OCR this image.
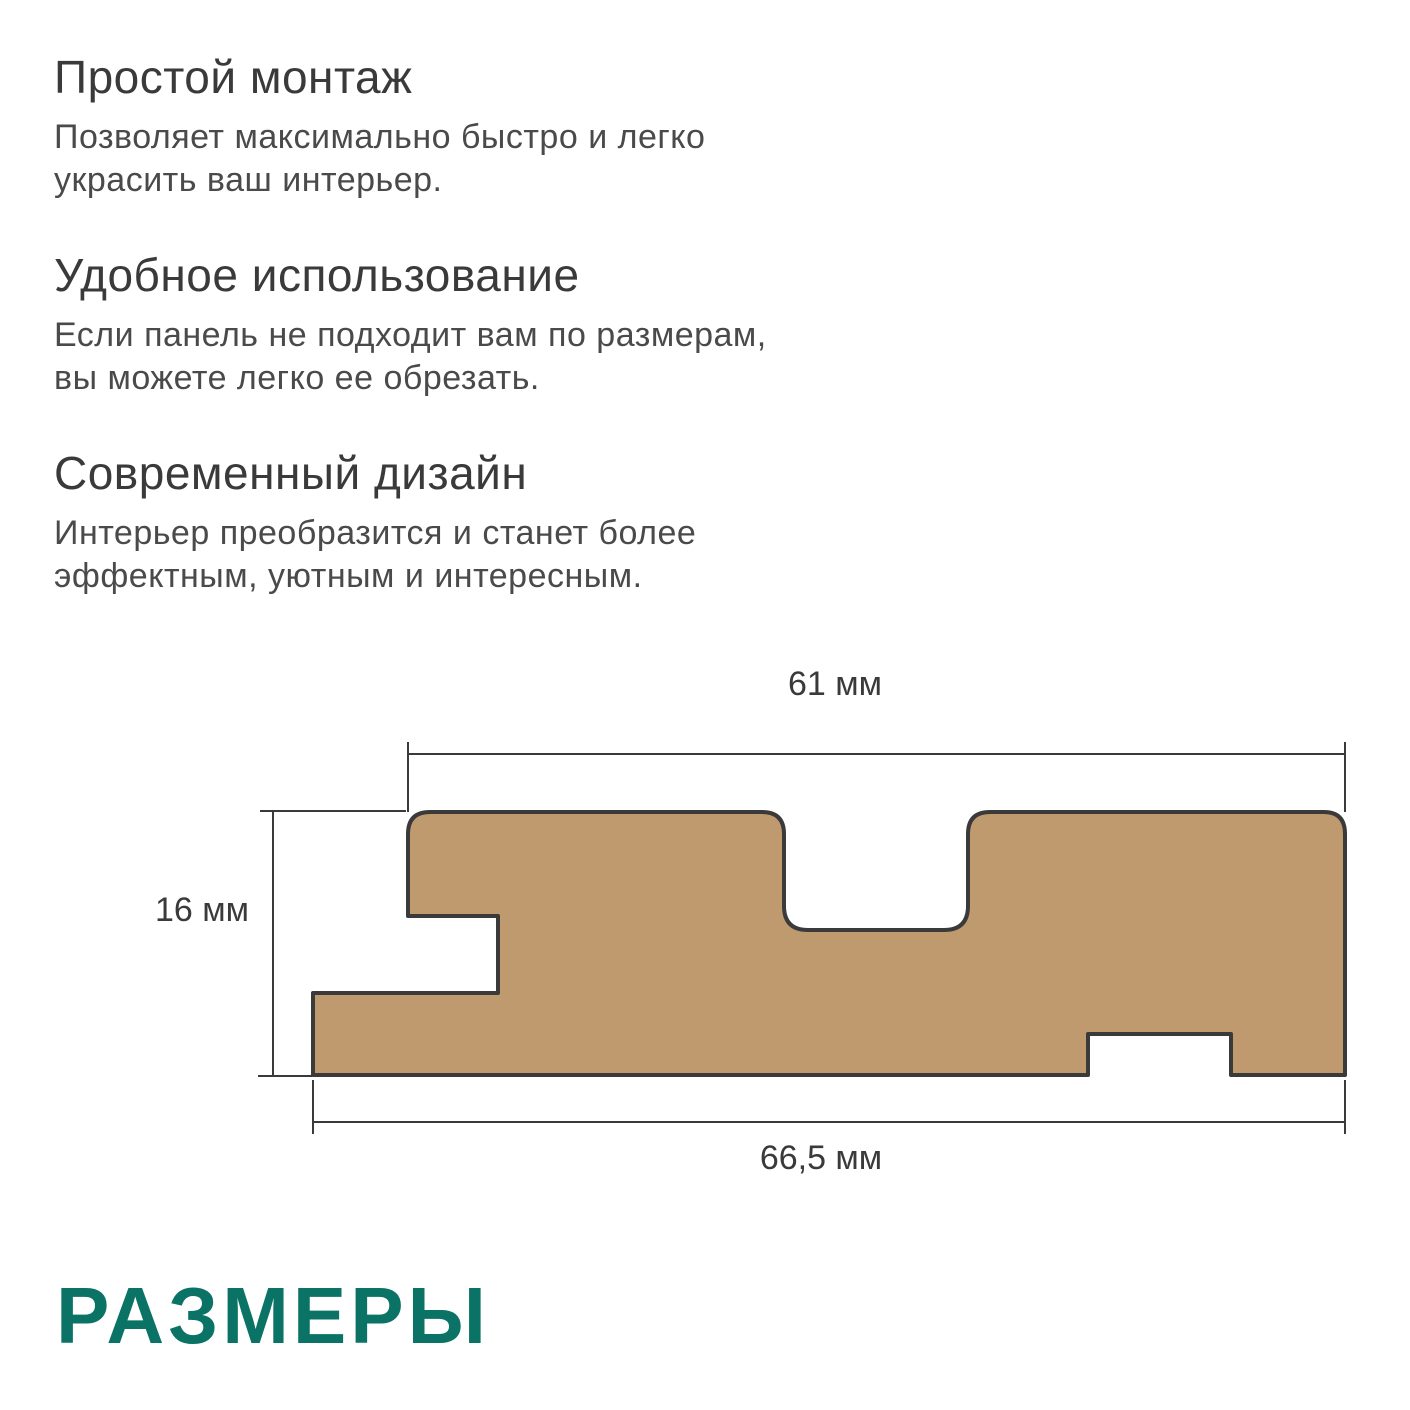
Простой монтаж

Позволяет максимально быстро и легко
украсить ваш интерьер.

Удобное использование

Если панель не подходит вам по размерам,
вы можете легко ее обрезать.

Современный дизайн

Интерьер преобразится и станет более
эффектным, уютным и интересным.

61 мм
16 мм
66,5 мм
РАЗМЕРЫ
